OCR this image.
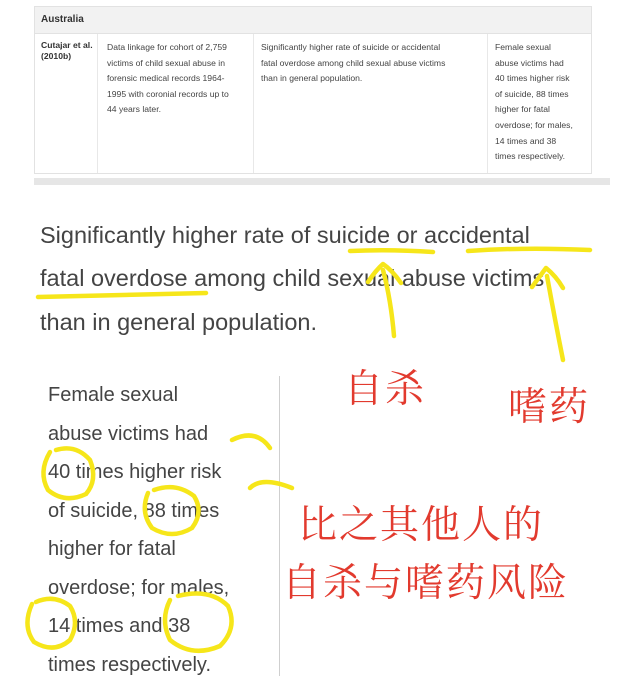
Australia
Cutajar et al. (2010b)
Data linkage for cohort of 2,759
victims of child sexual abuse in
forensic medical records 1964-
1995 with coronial records up to
44 years later.
Significantly higher rate of suicide or accidental
fatal overdose among child sexual abuse victims
than in general population.
Female sexual
abuse victims had
40 times higher risk
of suicide, 88 times
higher for fatal
overdose; for males,
14 times and 38
times respectively.
Significantly higher rate of suicide or accidental
fatal overdose among child sexual abuse victims
than in general population.
Female sexual
abuse victims had
40 times higher risk
of suicide, 88 times
higher for fatal
overdose; for males,
14 times and 38
times respectively.
自杀 嗜药
比之其他人的
自杀与嗜药风险
